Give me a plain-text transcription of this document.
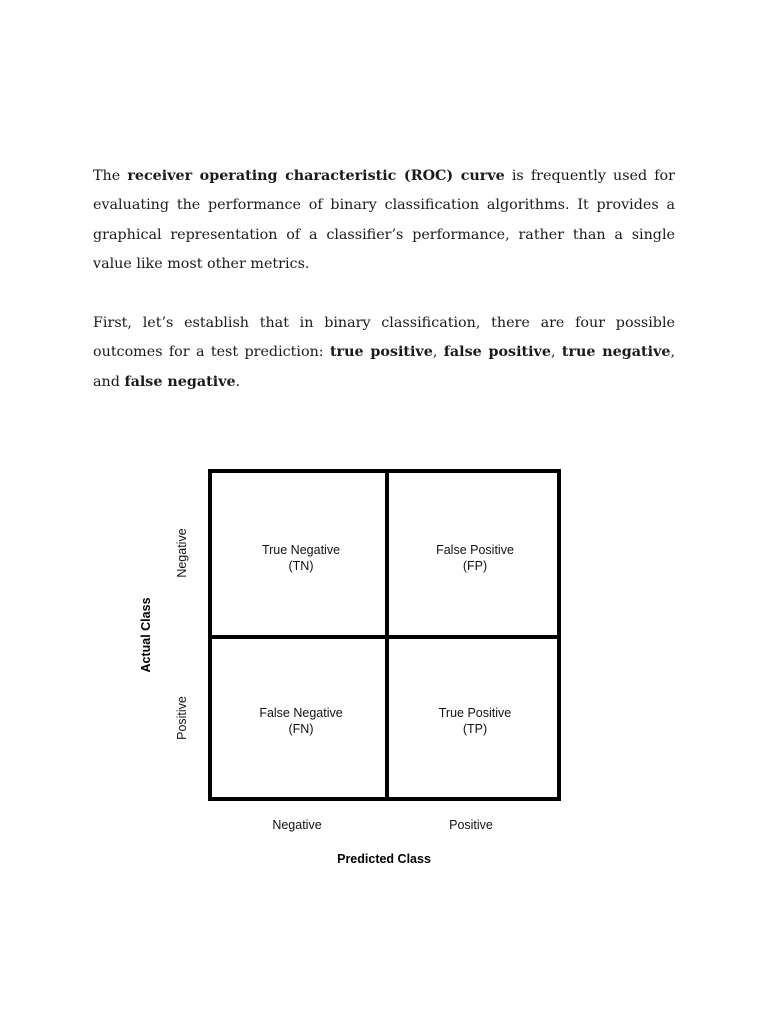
The receiver operating characteristic (ROC) curve is frequently used for evaluating the performance of binary classification algorithms. It provides a graphical representation of a classifier’s performance, rather than a single value like most other metrics.

First, let’s establish that in binary classification, there are four possible outcomes for a test prediction: true positive, false positive, true negative, and false negative.

True Negative
(TN)
False Positive
(FP)
False Negative
(FN)
True Positive
(TP)
Negative
Positive
Actual Class
Negative	Positive
Predicted Class
